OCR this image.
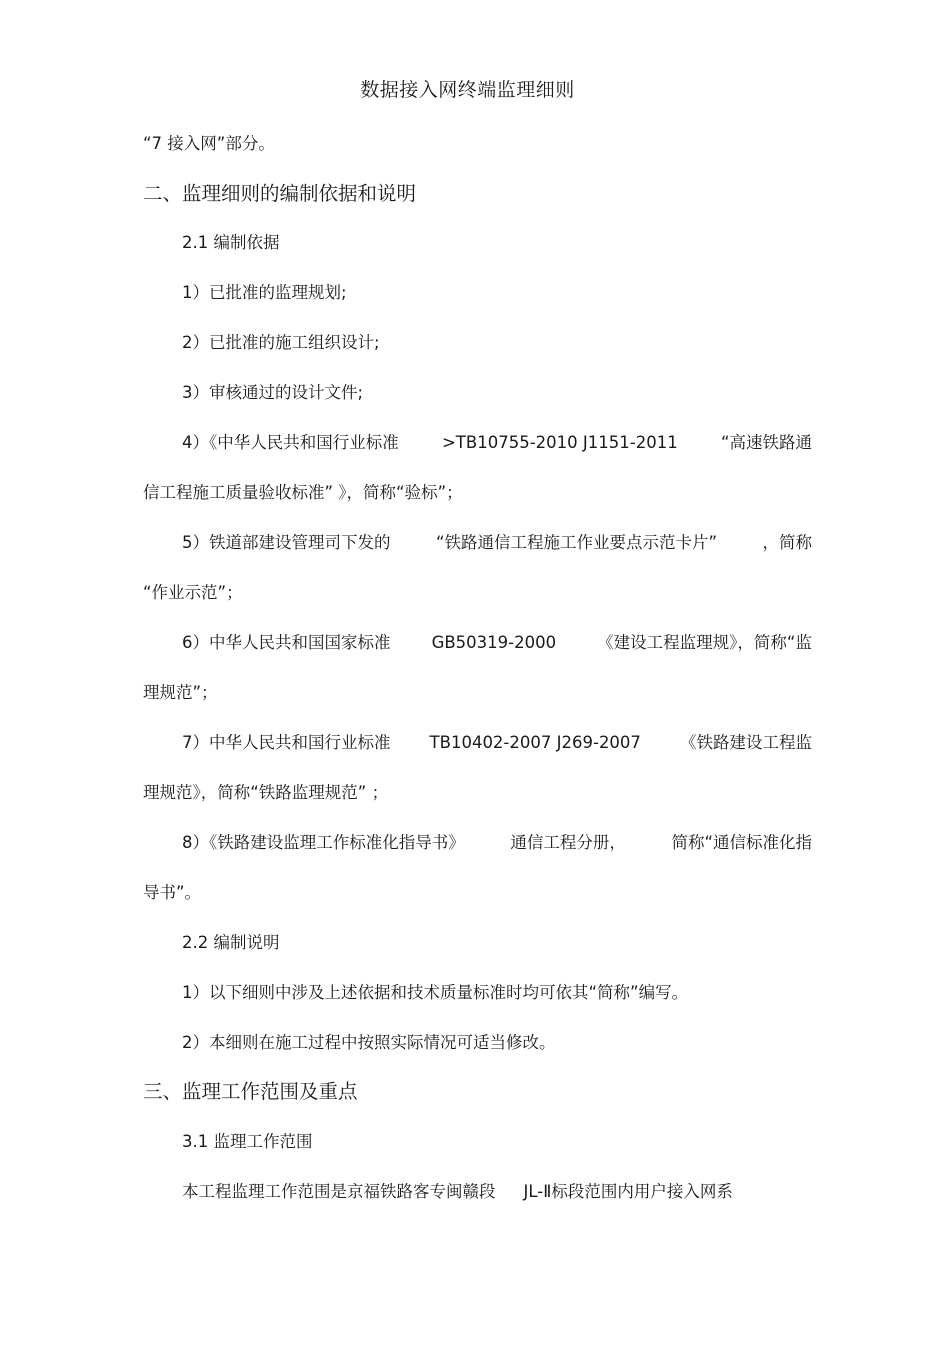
数据接入网终端监理细则
“7 接入网”部分。
二、监理细则的编制依据和说明
2.1 编制依据
1）已批准的监理规划;
2）已批准的施工组织设计;
3）审核通过的设计文件;
4）《中华人民共和国行业标准	>TB10755-2010 J1151-2011	“高速铁路通
信工程施工质量验收标准” 》，简称“验标”；
5）铁道部建设管理司下发的	“铁路通信工程施工作业要点示范卡片”	，简称
“作业示范”；
6）中华人民共和国国家标准 GB50319-2000 《建设工程监理规》，简称“监
理规范”；
7）中华人民共和国行业标准 TB10402-2007 J269-2007 《铁路建设工程监
理规范》，简称“铁路监理规范” ；
8）《铁路建设监理工作标准化指导书》	通信工程分册，	简称“通信标准化指
导书”。
2.2 编制说明
1）以下细则中涉及上述依据和技术质量标准时均可依其“简称”编写。
2）本细则在施工过程中按照实际情况可适当修改。
三、监理工作范围及重点
3.1 监理工作范围
本工程监理工作范围是京福铁路客专闽赣段 JL-Ⅱ标段范围内用户接入网系
